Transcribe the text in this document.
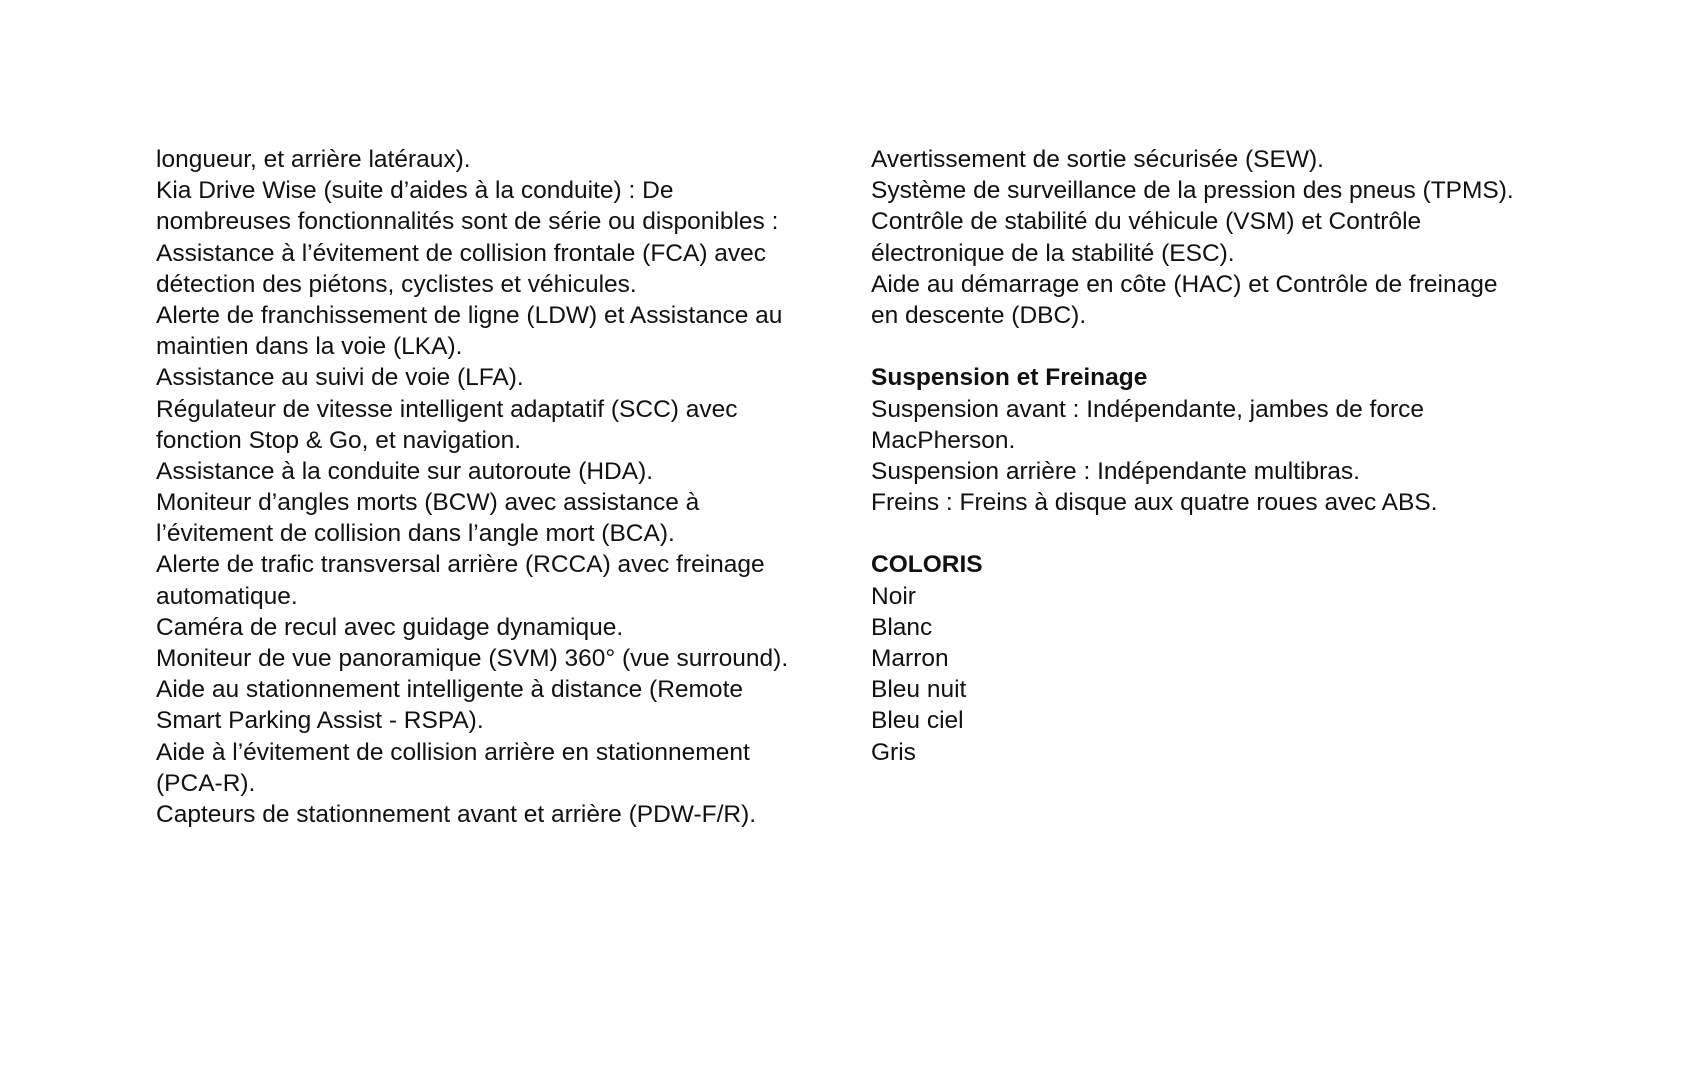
longueur, et arrière latéraux).
Kia Drive Wise (suite d’aides à la conduite) : De
nombreuses fonctionnalités sont de série ou disponibles :
Assistance à l’évitement de collision frontale (FCA) avec
détection des piétons, cyclistes et véhicules.
Alerte de franchissement de ligne (LDW) et Assistance au
maintien dans la voie (LKA).
Assistance au suivi de voie (LFA).
Régulateur de vitesse intelligent adaptatif (SCC) avec
fonction Stop & Go, et navigation.
Assistance à la conduite sur autoroute (HDA).
Moniteur d’angles morts (BCW) avec assistance à
l’évitement de collision dans l’angle mort (BCA).
Alerte de trafic transversal arrière (RCCA) avec freinage
automatique.
Caméra de recul avec guidage dynamique.
Moniteur de vue panoramique (SVM) 360° (vue surround).
Aide au stationnement intelligente à distance (Remote
Smart Parking Assist - RSPA).
Aide à l’évitement de collision arrière en stationnement
(PCA-R).
Capteurs de stationnement avant et arrière (PDW-F/R).
Avertissement de sortie sécurisée (SEW).
Système de surveillance de la pression des pneus (TPMS).
Contrôle de stabilité du véhicule (VSM) et Contrôle
électronique de la stabilité (ESC).
Aide au démarrage en côte (HAC) et Contrôle de freinage
en descente (DBC).
Suspension et Freinage
Suspension avant : Indépendante, jambes de force
MacPherson.
Suspension arrière : Indépendante multibras.
Freins : Freins à disque aux quatre roues avec ABS.
COLORIS
Noir
Blanc
Marron
Bleu nuit
Bleu ciel
Gris
